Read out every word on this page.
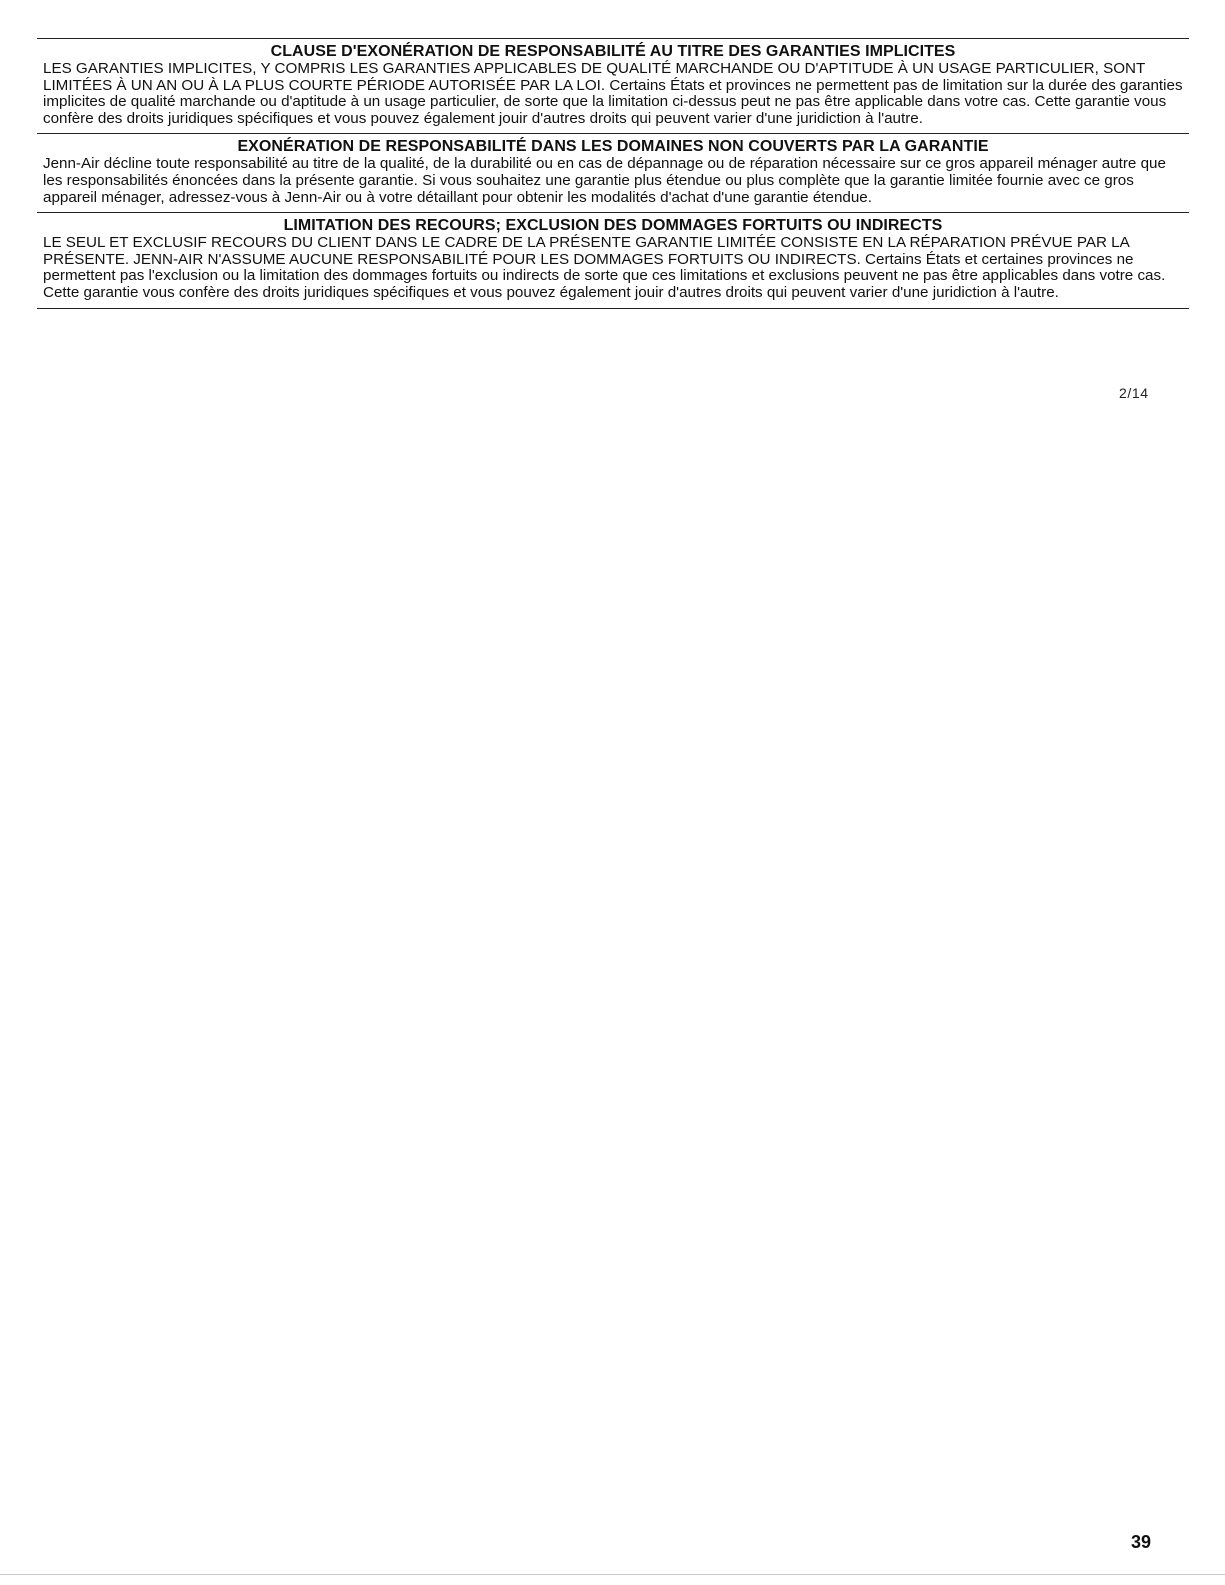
CLAUSE D'EXONÉRATION DE RESPONSABILITÉ AU TITRE DES GARANTIES IMPLICITES

LES GARANTIES IMPLICITES, Y COMPRIS LES GARANTIES APPLICABLES DE QUALITÉ MARCHANDE OU D'APTITUDE À UN USAGE PARTICULIER, SONT LIMITÉES À UN AN OU À LA PLUS COURTE PÉRIODE AUTORISÉE PAR LA LOI. Certains États et provinces ne permettent pas de limitation sur la durée des garanties implicites de qualité marchande ou d'aptitude à un usage particulier, de sorte que la limitation ci-dessus peut ne pas être applicable dans votre cas. Cette garantie vous confère des droits juridiques spécifiques et vous pouvez également jouir d'autres droits qui peuvent varier d'une juridiction à l'autre.

EXONÉRATION DE RESPONSABILITÉ DANS LES DOMAINES NON COUVERTS PAR LA GARANTIE

Jenn-Air décline toute responsabilité au titre de la qualité, de la durabilité ou en cas de dépannage ou de réparation nécessaire sur ce gros appareil ménager autre que les responsabilités énoncées dans la présente garantie. Si vous souhaitez une garantie plus étendue ou plus complète que la garantie limitée fournie avec ce gros appareil ménager, adressez-vous à Jenn-Air ou à votre détaillant pour obtenir les modalités d'achat d'une garantie étendue.

LIMITATION DES RECOURS; EXCLUSION DES DOMMAGES FORTUITS OU INDIRECTS

LE SEUL ET EXCLUSIF RECOURS DU CLIENT DANS LE CADRE DE LA PRÉSENTE GARANTIE LIMITÉE CONSISTE EN LA RÉPARATION PRÉVUE PAR LA PRÉSENTE. JENN-AIR N'ASSUME AUCUNE RESPONSABILITÉ POUR LES DOMMAGES FORTUITS OU INDIRECTS. Certains États et certaines provinces ne permettent pas l'exclusion ou la limitation des dommages fortuits ou indirects de sorte que ces limitations et exclusions peuvent ne pas être applicables dans votre cas. Cette garantie vous confère des droits juridiques spécifiques et vous pouvez également jouir d'autres droits qui peuvent varier d'une juridiction à l'autre.

2/14
39
